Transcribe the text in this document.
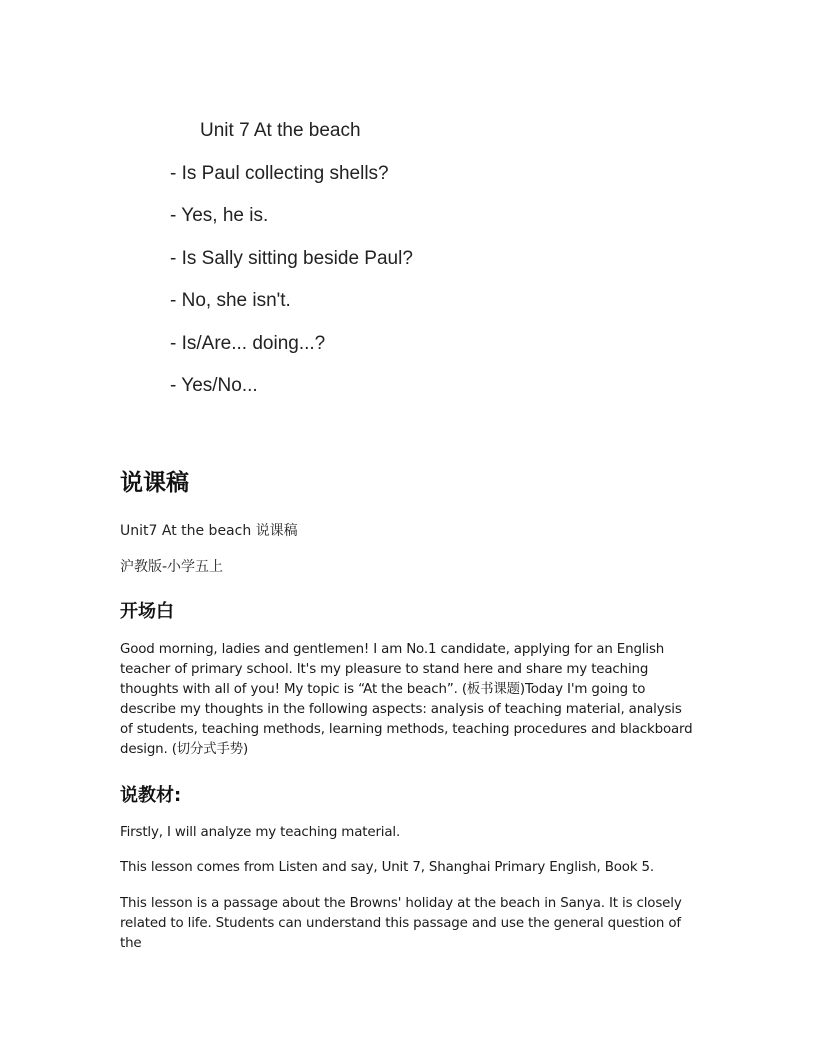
Unit 7 At the beach
- Is Paul collecting shells?
- Yes, he is.
- Is Sally sitting beside Paul?
- No, she isn't.
- Is/Are... doing...?
- Yes/No...
说课稿
Unit7 At the beach 说课稿
沪教版-小学五上
开场白
Good morning, ladies and gentlemen! I am No.1 candidate, applying for an English teacher of primary school. It's my pleasure to stand here and share my teaching thoughts with all of you! My topic is “At the beach”. (板书课题)Today I'm going to describe my thoughts in the following aspects: analysis of teaching material, analysis of students, teaching methods, learning methods, teaching procedures and blackboard design. (切分式手势)
说教材:
Firstly, I will analyze my teaching material.
This lesson comes from Listen and say, Unit 7, Shanghai Primary English, Book 5.
This lesson is a passage about the Browns' holiday at the beach in Sanya. It is closely related to life. Students can understand this passage and use the general question of the
